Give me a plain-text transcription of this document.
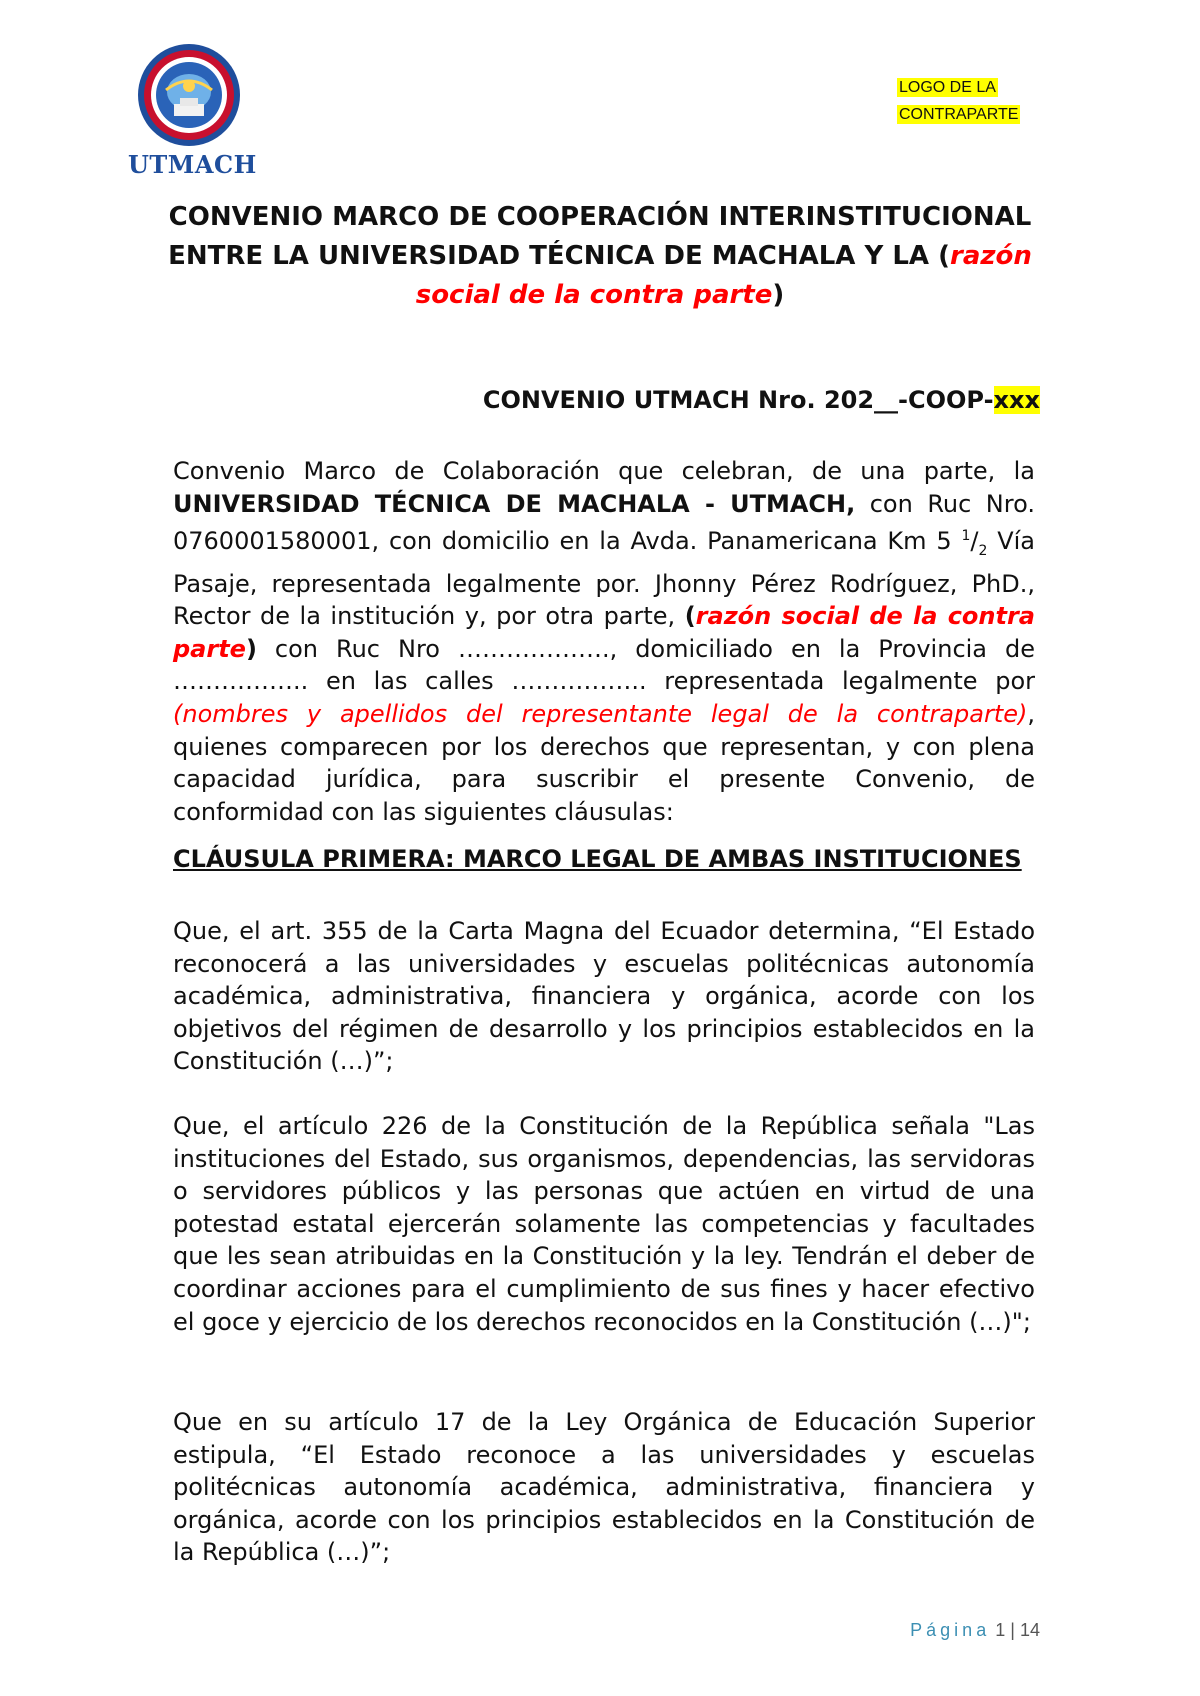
UTMACH
LOGO DE LA
CONTRAPARTE
CONVENIO MARCO DE COOPERACIÓN INTERINSTITUCIONAL ENTRE LA UNIVERSIDAD TÉCNICA DE MACHALA Y LA (razón social de la contra parte)
CONVENIO UTMACH Nro. 202__-COOP-xxx

Convenio Marco de Colaboración que celebran, de una parte, la UNIVERSIDAD TÉCNICA DE MACHALA - UTMACH, con Ruc Nro. 0760001580001, con domicilio en la Avda. Panamericana Km 5 $^1/_2$ Vía Pasaje, representada legalmente por. Jhonny Pérez Rodríguez, PhD., Rector de la institución y, por otra parte, (razón social de la contra parte) con Ruc Nro ………………., domiciliado en la Provincia de …………….. en las calles …………….. representada legalmente por (nombres y apellidos del representante legal de la contraparte), quienes comparecen por los derechos que representan, y con plena capacidad jurídica, para suscribir el presente Convenio, de conformidad con las siguientes cláusulas:

CLÁUSULA PRIMERA: MARCO LEGAL DE AMBAS INSTITUCIONES

Que, el art. 355 de la Carta Magna del Ecuador determina, “El Estado reconocerá a las universidades y escuelas politécnicas autonomía académica, administrativa, financiera y orgánica, acorde con los objetivos del régimen de desarrollo y los principios establecidos en la Constitución (…)”;

Que, el artículo 226 de la Constitución de la República señala "Las instituciones del Estado, sus organismos, dependencias, las servidoras o servidores públicos y las personas que actúen en virtud de una potestad estatal ejercerán solamente las competencias y facultades que les sean atribuidas en la Constitución y la ley. Tendrán el deber de coordinar acciones para el cumplimiento de sus fines y hacer efectivo el goce y ejercicio de los derechos reconocidos en la Constitución (…)";

Que en su artículo 17 de la Ley Orgánica de Educación Superior estipula, “El Estado reconoce a las universidades y escuelas politécnicas autonomía académica, administrativa, financiera y orgánica, acorde con los principios establecidos en la Constitución de la República (…)”;

Página 1 | 14
